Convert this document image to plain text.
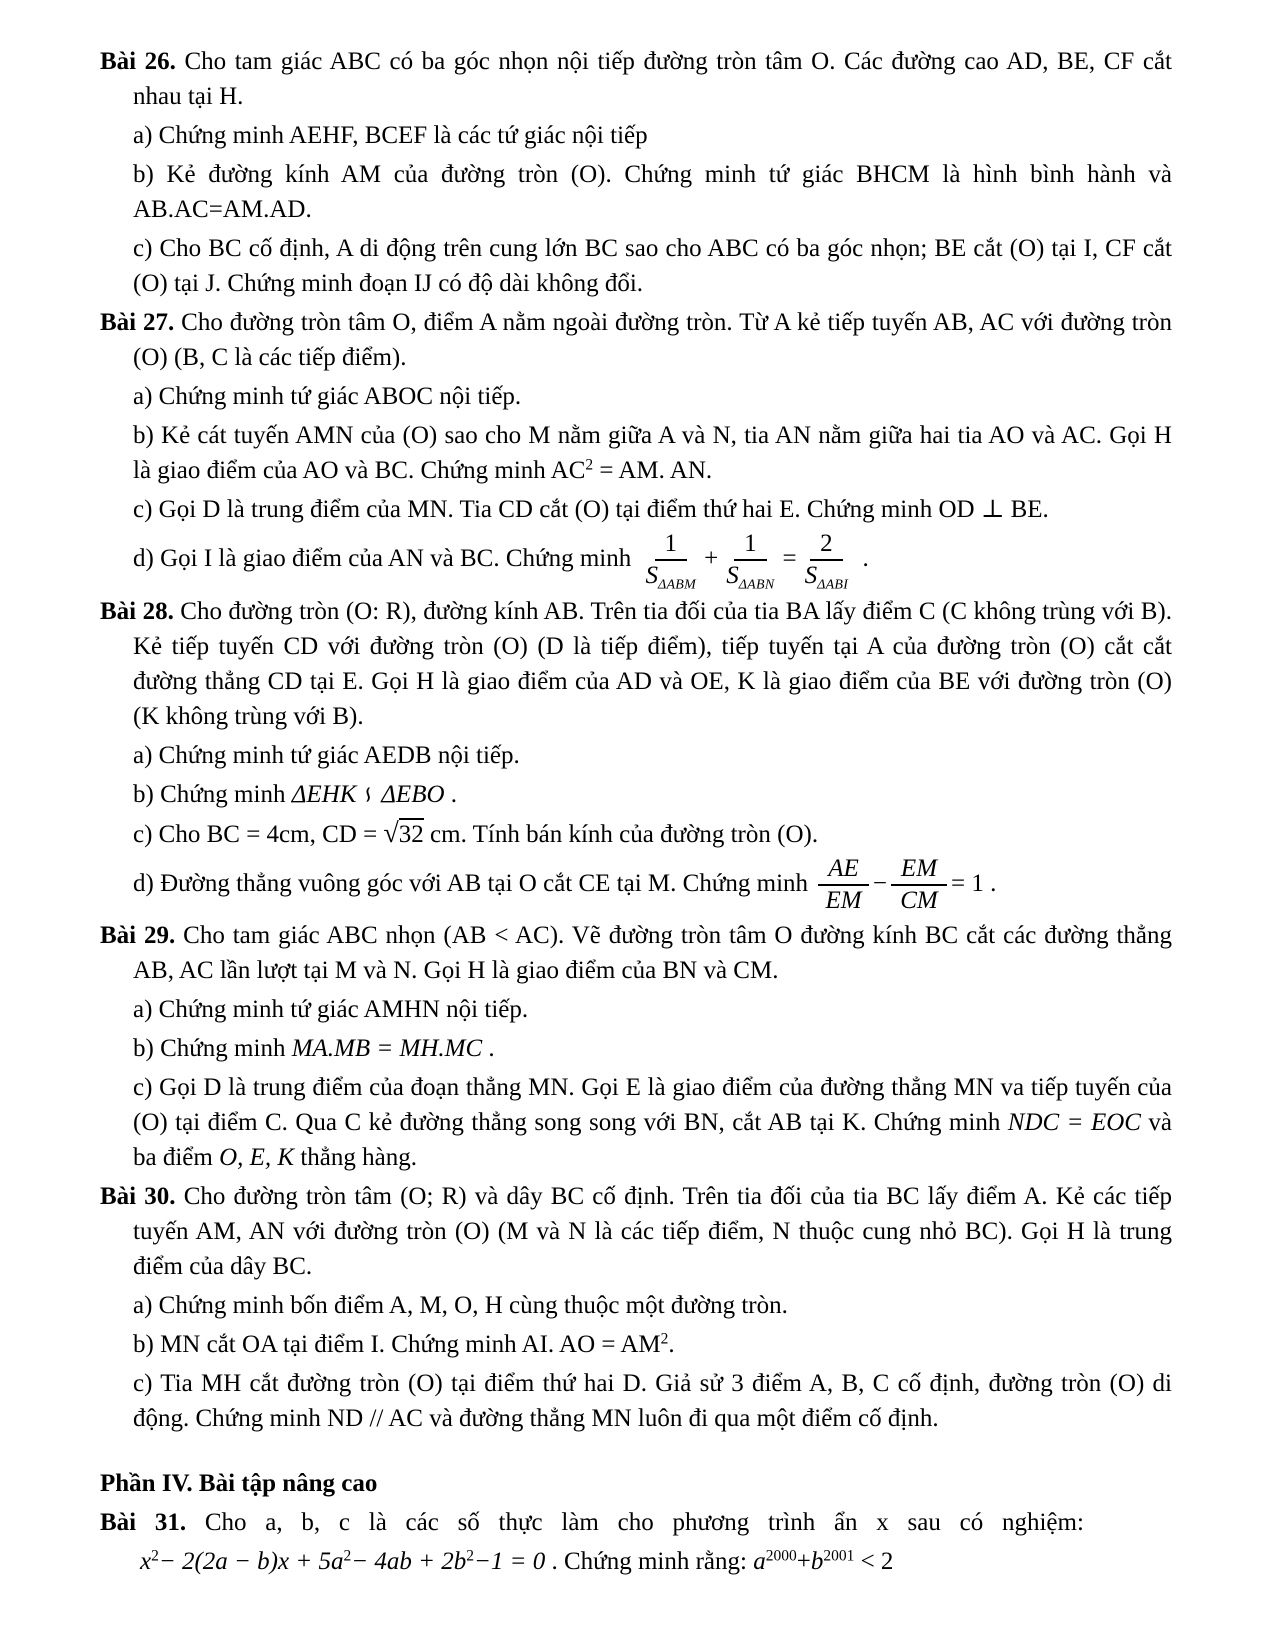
Bài 26. Cho tam giác ABC có ba góc nhọn nội tiếp đường tròn tâm O. Các đường cao AD, BE, CF cắt nhau tại H.
a) Chứng minh AEHF, BCEF là các tứ giác nội tiếp
b) Kẻ đường kính AM của đường tròn (O). Chứng minh tứ giác BHCM là hình bình hành và AB.AC=AM.AD.
c) Cho BC cố định, A di động trên cung lớn BC sao cho ABC có ba góc nhọn; BE cắt (O) tại I, CF cắt (O) tại J. Chứng minh đoạn IJ có độ dài không đổi.
Bài 27. Cho đường tròn tâm O, điểm A nằm ngoài đường tròn. Từ A kẻ tiếp tuyến AB, AC với đường tròn (O) (B, C là các tiếp điểm).
a) Chứng minh tứ giác ABOC nội tiếp.
b) Kẻ cát tuyến AMN của (O) sao cho M nằm giữa A và N, tia AN nằm giữa hai tia AO và AC. Gọi H là giao điểm của AO và BC. Chứng minh $AC^2$ = AM. AN.
c) Gọi D là trung điểm của MN. Tia CD cắt (O) tại điểm thứ hai E. Chứng minh OD ⊥ BE.
d) Gọi I là giao điểm của AN và BC. Chứng minh $\frac{1}{S_{\Delta ABM}} + \frac{1}{S_{\Delta ABN}} = \frac{2}{S_{\Delta ABI}}$ .
Bài 28. Cho đường tròn (O: R), đường kính AB. Trên tia đối của tia BA lấy điểm C (C không trùng với B). Kẻ tiếp tuyến CD với đường tròn (O) (D là tiếp điểm), tiếp tuyến tại A của đường tròn (O) cắt cắt đường thẳng CD tại E. Gọi H là giao điểm của AD và OE, K là giao điểm của BE với đường tròn (O) (K không trùng với B).
a) Chứng minh tứ giác AEDB nội tiếp.
b) Chứng minh ΔEHK∽ΔEBO .
c) Cho BC = 4cm, CD = √32 cm. Tính bán kính của đường tròn (O).
d) Đường thẳng vuông góc với AB tại O cắt CE tại M. Chứng minh $\frac{AE}{EM} - \frac{EM}{CM} = 1$ .
Bài 29. Cho tam giác ABC nhọn (AB < AC). Vẽ đường tròn tâm O đường kính BC cắt các đường thẳng AB, AC lần lượt tại M và N. Gọi H là giao điểm của BN và CM.
a) Chứng minh tứ giác AMHN nội tiếp.
b) Chứng minh MA.MB = MH.MC .
c) Gọi D là trung điểm của đoạn thẳng MN. Gọi E là giao điểm của đường thẳng MN va tiếp tuyến của (O) tại điểm C. Qua C kẻ đường thẳng song song với BN, cắt AB tại K. Chứng minh NDC = EOC và ba điểm O, E, K thẳng hàng.
Bài 30. Cho đường tròn tâm (O; R) và dây BC cố định. Trên tia đối của tia BC lấy điểm A. Kẻ các tiếp tuyến AM, AN với đường tròn (O) (M và N là các tiếp điểm, N thuộc cung nhỏ BC). Gọi H là trung điểm của dây BC.
a) Chứng minh bốn điểm A, M, O, H cùng thuộc một đường tròn.
b) MN cắt OA tại điểm I. Chứng minh AI. AO = $AM^2$.
c) Tia MH cắt đường tròn (O) tại điểm thứ hai D. Giả sử 3 điểm A, B, C cố định, đường tròn (O) di động. Chứng minh ND // AC và đường thẳng MN luôn đi qua một điểm cố định.
Phần IV. Bài tập nâng cao
Bài 31. Cho a, b, c là các số thực làm cho phương trình ẩn x sau có nghiệm:
$x^2- 2(2a - b)x + 5a^2- 4ab + 2b^2-1 = 0$ . Chứng minh rằng: $a^{2000}+b^{2001} < 2$
